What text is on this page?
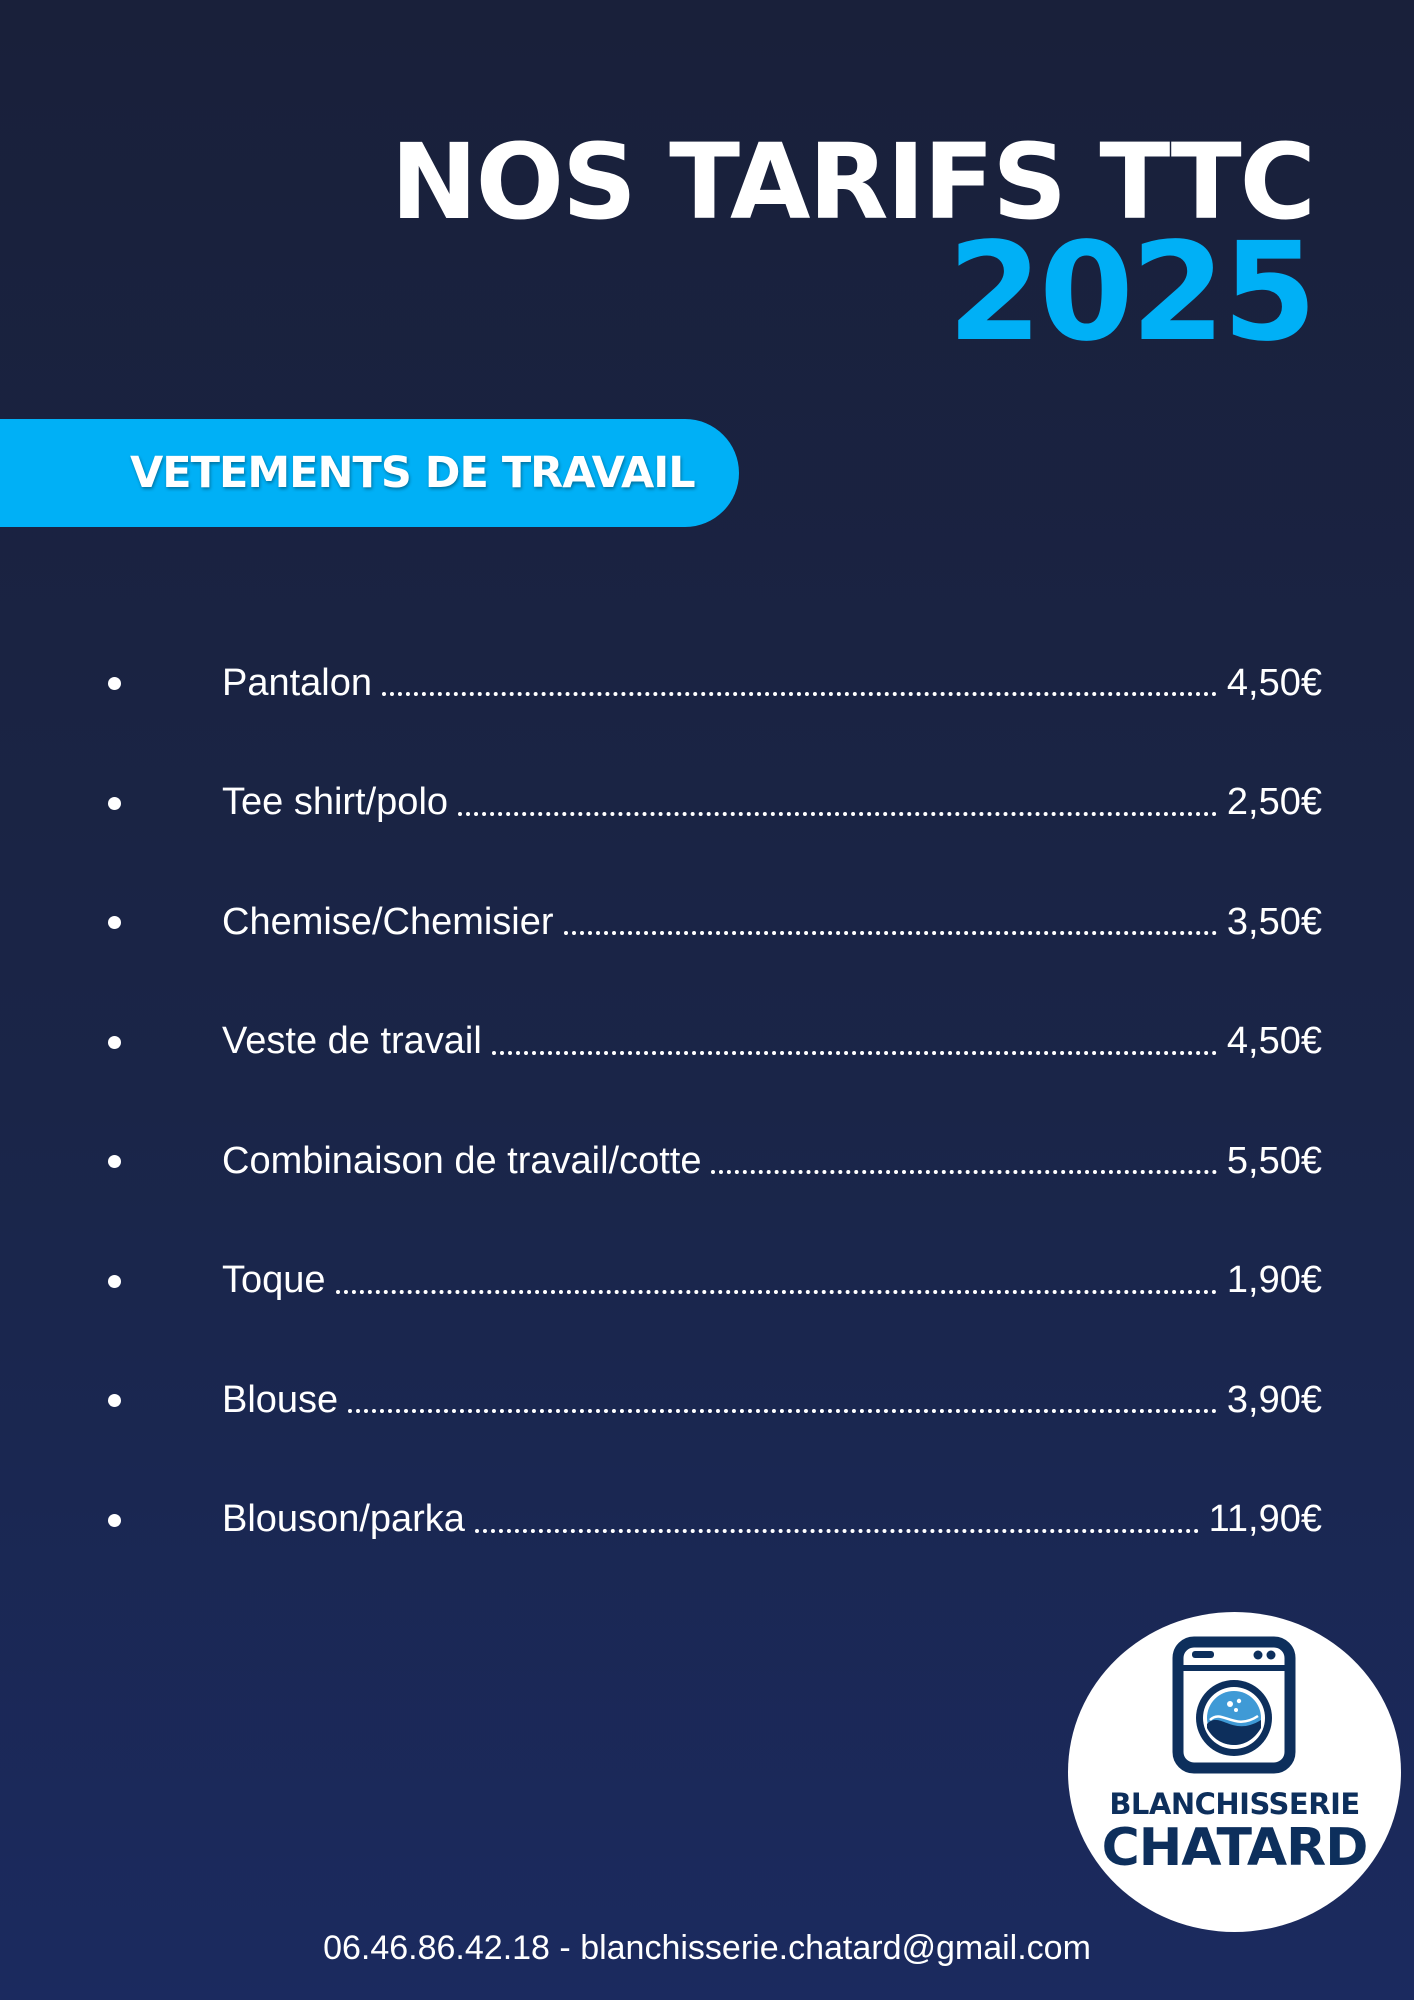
NOS TARIFS TTC
2025
VETEMENTS DE TRAVAIL
Pantalon	4,50€
Tee shirt/polo	2,50€
Chemise/Chemisier	3,50€
Veste de travail	4,50€
Combinaison de travail/cotte	5,50€
Toque	1,90€
Blouse	3,90€
Blouson/parka	11,90€
BLANCHISSERIE
CHATARD
06.46.86.42.18 - blanchisserie.chatard@gmail.com
